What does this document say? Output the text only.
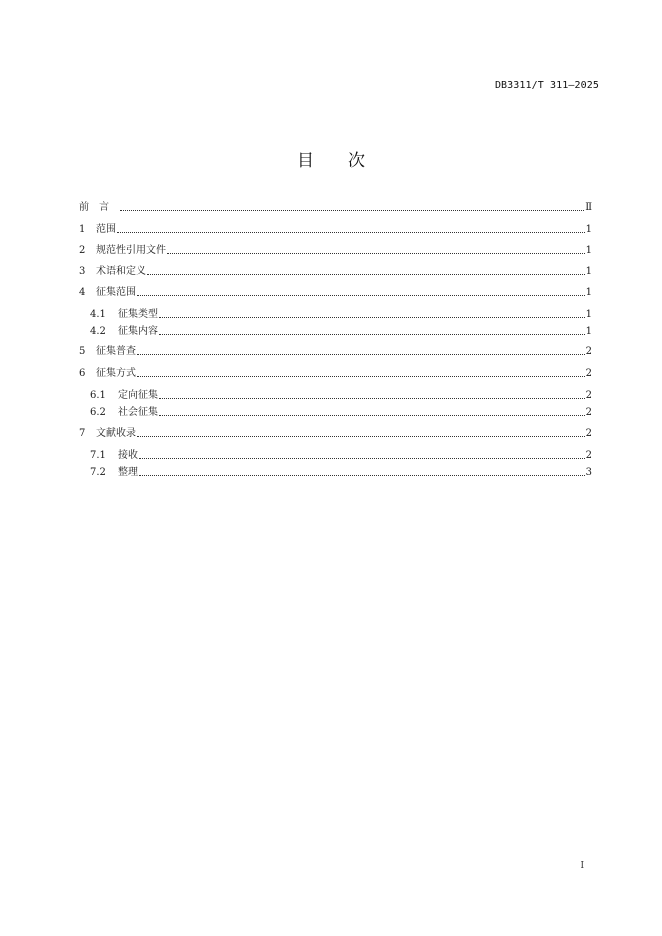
DB3311/T 311—2025
目 次
前言	Ⅱ
1	范围	1
2	规范性引用文件	1
3	术语和定义	1
4	征集范围	1
4.1	征集类型	1
4.2	征集内容	1
5	征集普查	2
6	征集方式	2
6.1	定向征集	2
6.2	社会征集	2
7	文献收录	2
7.1	接收	2
7.2	整理	3
I
